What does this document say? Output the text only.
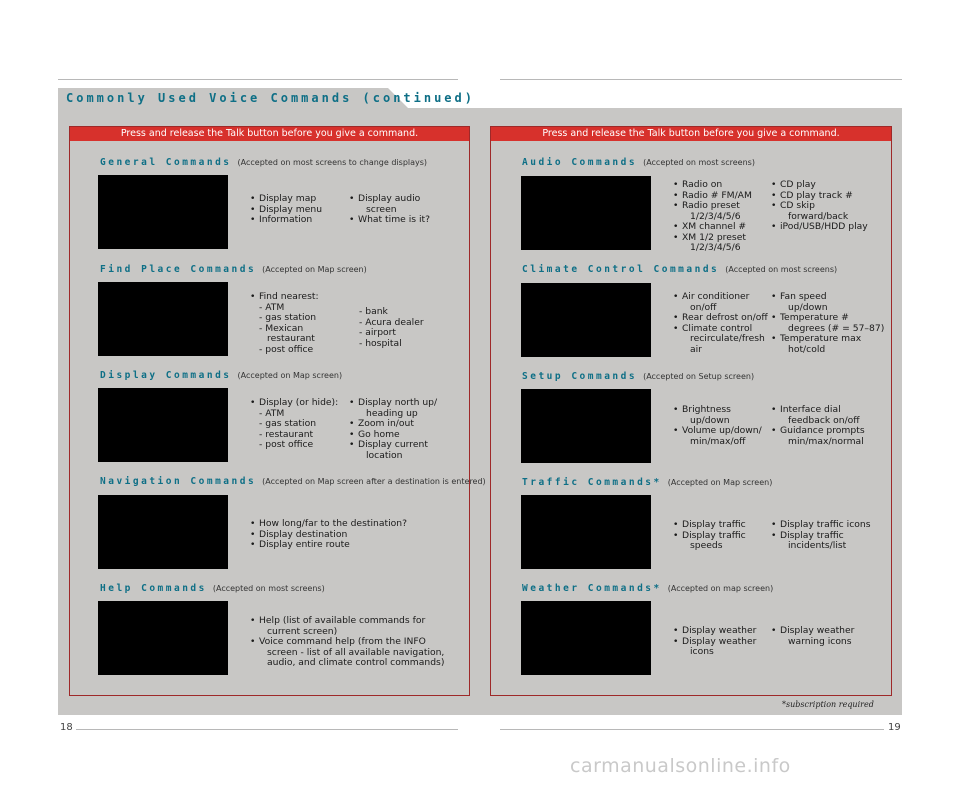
Commonly Used Voice Commands (continued)
Press and release the Talk button before you give a command.

General Commands (Accepted on most screens to change displays)

• Display map
• Display menu
• Information
• Display audio
screen
• What time is it?

Find Place Commands (Accepted on Map screen)

• Find nearest:
- ATM
- gas station
- Mexican
restaurant
- post office
- bank
- Acura dealer
- airport
- hospital

Display Commands (Accepted on Map screen)

• Display (or hide):
- ATM
- gas station
- restaurant
- post office
• Display north up/
heading up
• Zoom in/out
• Go home
• Display current
location

Navigation Commands (Accepted on Map screen after a destination is entered)

• How long/far to the destination?
• Display destination
• Display entire route

Help Commands (Accepted on most screens)

• Help (list of available commands for
current screen)
• Voice command help (from the INFO
screen - list of all available navigation,
audio, and climate control commands)
Press and release the Talk button before you give a command.

Audio Commands (Accepted on most screens)

• Radio on
• Radio # FM/AM
• Radio preset
1/2/3/4/5/6
• XM channel #
• XM 1/2 preset
1/2/3/4/5/6
• CD play
• CD play track #
• CD skip
forward/back
• iPod/USB/HDD play

Climate Control Commands (Accepted on most screens)

• Air conditioner
on/off
• Rear defrost on/off
• Climate control
recirculate/fresh
air
• Fan speed
up/down
• Temperature #
degrees (# = 57–87)
• Temperature max
hot/cold

Setup Commands (Accepted on Setup screen)

• Brightness
up/down
• Volume up/down/
min/max/off
• Interface dial
feedback on/off
• Guidance prompts
min/max/normal

Traffic Commands* (Accepted on Map screen)

• Display traffic
• Display traffic
speeds
• Display traffic icons
• Display traffic
incidents/list

Weather Commands* (Accepted on map screen)

• Display weather
• Display weather
icons
• Display weather
warning icons

*subscription required

18	19

carmanualsonline.info
